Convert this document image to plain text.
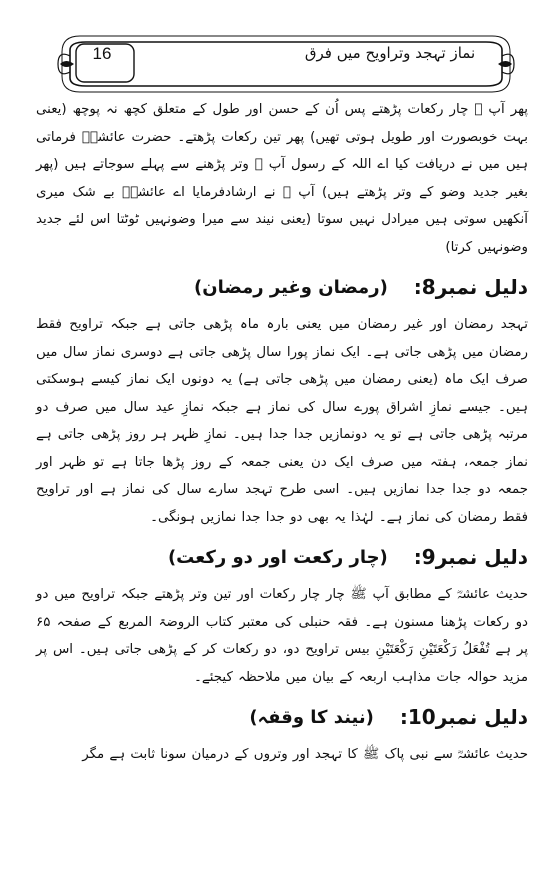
16	نماز تہجد وتراویح میں فرق

پھر آپ ﷺ چار رکعات پڑھتے پس اُن کے حسن اور طول کے متعلق کچھ نہ پوچھ (یعنی بہت خوبصورت اور طویل ہوتی تھیں) پھر تین رکعات پڑھتے۔ حضرت عائشہؓ فرماتی ہیں میں نے دریافت کیا اے اللہ کے رسول آپ ﷺ وتر پڑھنے سے پہلے سوجاتے ہیں (پھر بغیر جدید وضو کے وتر پڑھتے ہیں) آپ ﷺ نے ارشادفرمایا اے عائشہؓ بے شک میری آنکھیں سوتی ہیں میرادل نہیں سوتا (یعنی نیند سے میرا وضونہیں ٹوٹتا اس لئے جدید وضونہیں کرتا)

دلیل نمبر8:
(رمضان وغیر رمضان)

تہجد رمضان اور غیر رمضان میں یعنی بارہ ماہ پڑھی جاتی ہے جبکہ تراویح فقط رمضان میں پڑھی جاتی ہے۔ ایک نماز پورا سال پڑھی جاتی ہے دوسری نماز سال میں صرف ایک ماہ (یعنی رمضان میں پڑھی جاتی ہے) یہ دونوں ایک نماز کیسے ہوسکتی ہیں۔ جیسے نمازِ اشراق پورے سال کی نماز ہے جبکہ نمازِ عید سال میں صرف دو مرتبہ پڑھی جاتی ہے تو یہ دونمازیں جدا جدا ہیں۔ نمازِ ظہر ہر روز پڑھی جاتی ہے نماز جمعہ، ہفتہ میں صرف ایک دن یعنی جمعہ کے روز پڑھا جاتا ہے تو ظہر اور جمعہ دو جدا جدا نمازیں ہیں۔ اسی طرح تہجد سارے سال کی نماز ہے اور تراویح فقط رمضان کی نماز ہے۔ لہٰذا یہ بھی دو جدا جدا نمازیں ہونگی۔

دلیل نمبر9:
(چار رکعت اور دو رکعت)

حدیث عائشہؓ کے مطابق آپ ﷺ چار چار رکعات اور تین وتر پڑھتے جبکہ تراویح میں دو دو رکعات پڑھنا مسنون ہے۔ فقہ حنبلی کی معتبر کتاب الروضۃ المربع کے صفحہ ۶۵ پر ہے تُفْعَلُ رَکْعَتَیْنِ رَکْعَتَیْنِ بیس تراویح دو، دو رکعات کر کے پڑھی جاتی ہیں۔ اس پر مزید حوالہ جات مذاہب اربعہ کے بیان میں ملاحظہ کیجئے۔

دلیل نمبر10:
(نیند کا وقفہ)

حدیث عائشہؓ سے نبی پاک ﷺ کا تہجد اور وتروں کے درمیان سونا ثابت ہے مگر
